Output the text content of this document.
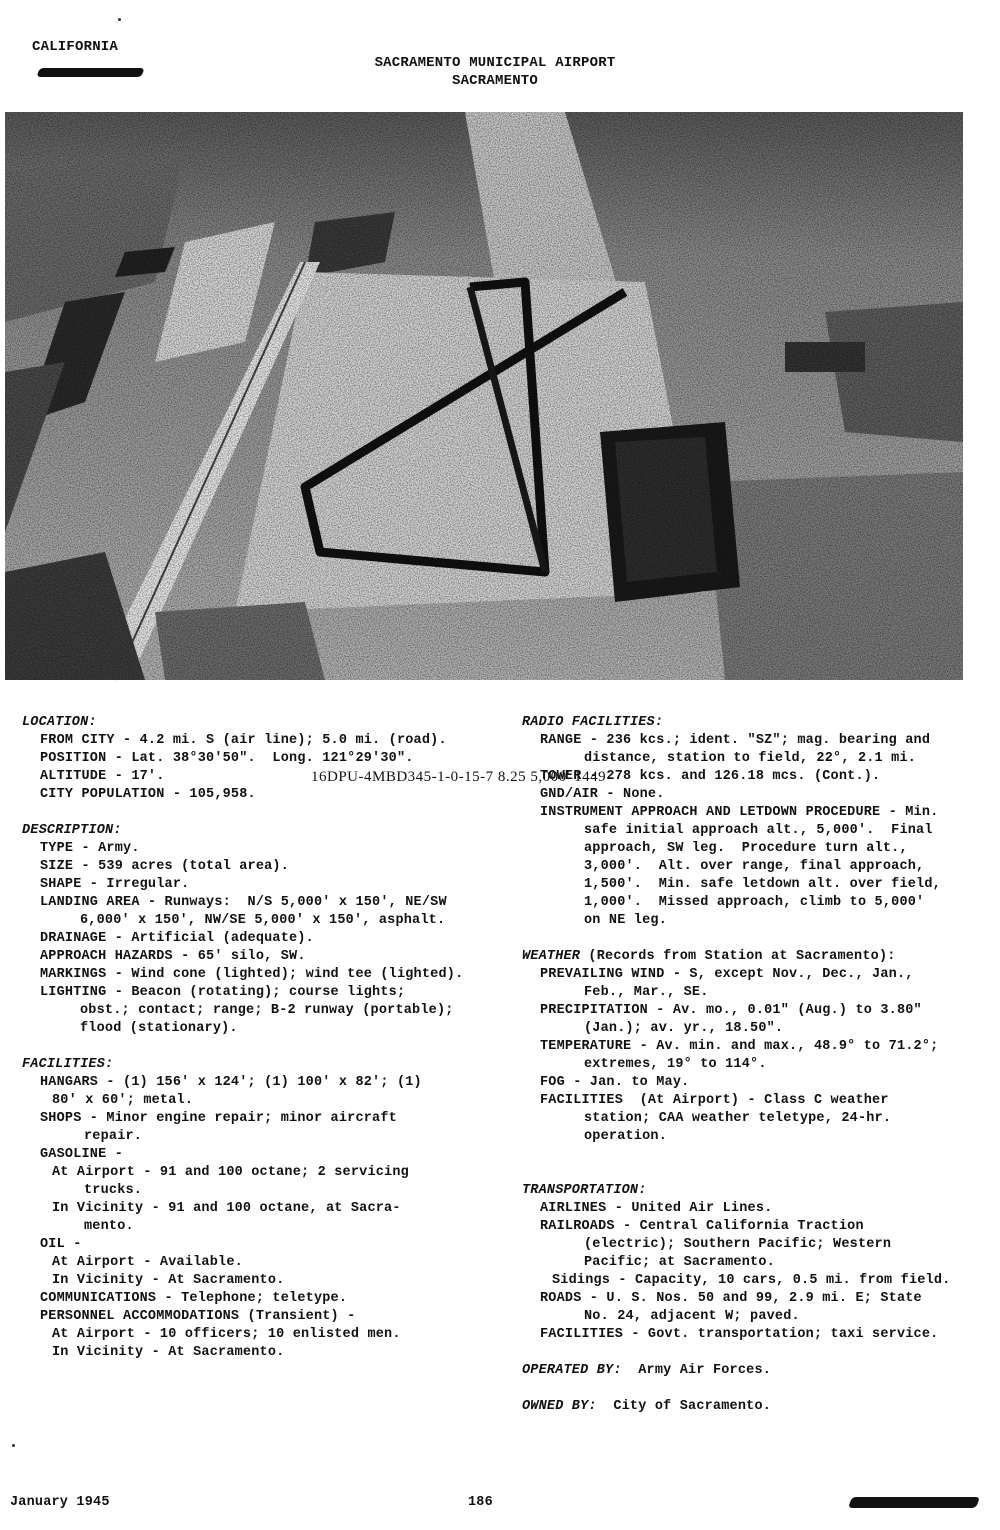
CALIFORNIA
SACRAMENTO MUNICIPAL AIRPORT
SACRAMENTO
16DPU-4MBD345-1-0-15-7 8.25 5,000' 1449
LOCATION:
FROM CITY - 4.2 mi. S (air line); 5.0 mi. (road).
POSITION - Lat. 38°30'50".  Long. 121°29'30".
ALTITUDE - 17'.
CITY POPULATION - 105,958.
DESCRIPTION:
TYPE - Army.
SIZE - 539 acres (total area).
SHAPE - Irregular.
LANDING AREA - Runways:  N/S 5,000' x 150', NE/SW
6,000' x 150', NW/SE 5,000' x 150', asphalt.
DRAINAGE - Artificial (adequate).
APPROACH HAZARDS - 65' silo, SW.
MARKINGS - Wind cone (lighted); wind tee (lighted).
LIGHTING - Beacon (rotating); course lights;
obst.; contact; range; B-2 runway (portable);
flood (stationary).
FACILITIES:
HANGARS - (1) 156' x 124'; (1) 100' x 82'; (1)
80' x 60'; metal.
SHOPS - Minor engine repair; minor aircraft
repair.
GASOLINE -
At Airport - 91 and 100 octane; 2 servicing
trucks.
In Vicinity - 91 and 100 octane, at Sacra-
mento.
OIL -
At Airport - Available.
In Vicinity - At Sacramento.
COMMUNICATIONS - Telephone; teletype.
PERSONNEL ACCOMMODATIONS (Transient) -
At Airport - 10 officers; 10 enlisted men.
In Vicinity - At Sacramento.
RADIO FACILITIES:
RANGE - 236 kcs.; ident. "SZ"; mag. bearing and
distance, station to field, 22°, 2.1 mi.
TOWER - 278 kcs. and 126.18 mcs. (Cont.).
GND/AIR - None.
INSTRUMENT APPROACH AND LETDOWN PROCEDURE - Min.
safe initial approach alt., 5,000'.  Final
approach, SW leg.  Procedure turn alt.,
3,000'.  Alt. over range, final approach,
1,500'.  Min. safe letdown alt. over field,
1,000'.  Missed approach, climb to 5,000'
on NE leg.
WEATHER (Records from Station at Sacramento):
PREVAILING WIND - S, except Nov., Dec., Jan.,
Feb., Mar., SE.
PRECIPITATION - Av. mo., 0.01" (Aug.) to 3.80"
(Jan.); av. yr., 18.50".
TEMPERATURE - Av. min. and max., 48.9° to 71.2°;
extremes, 19° to 114°.
FOG - Jan. to May.
FACILITIES  (At Airport) - Class C weather
station; CAA weather teletype, 24-hr.
operation.
TRANSPORTATION:
AIRLINES - United Air Lines.
RAILROADS - Central California Traction
(electric); Southern Pacific; Western
Pacific; at Sacramento.
Sidings - Capacity, 10 cars, 0.5 mi. from field.
ROADS - U. S. Nos. 50 and 99, 2.9 mi. E; State
No. 24, adjacent W; paved.
FACILITIES - Govt. transportation; taxi service.
OPERATED BY:  Army Air Forces.
OWNED BY:  City of Sacramento.
January 1945	186
